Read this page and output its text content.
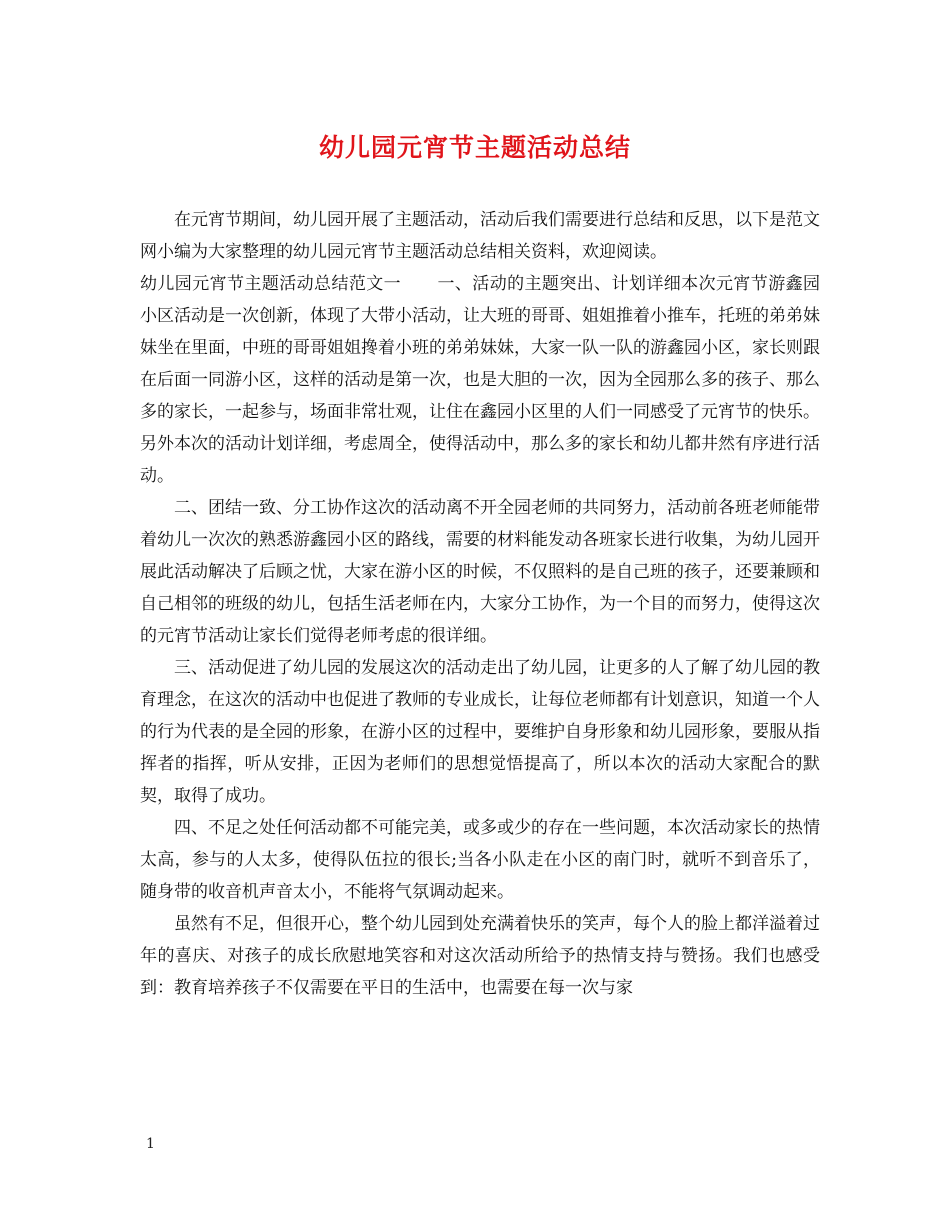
幼儿园元宵节主题活动总结

在元宵节期间，幼儿园开展了主题活动，活动后我们需要进行总结和反思，以下是范文网小编为大家整理的幼儿园元宵节主题活动总结相关资料，欢迎阅读。

幼儿园元宵节主题活动总结范文一 一、活动的主题突出、计划详细本次元宵节游鑫园小区活动是一次创新，体现了大带小活动，让大班的哥哥、姐姐推着小推车，托班的弟弟妹妹坐在里面，中班的哥哥姐姐搀着小班的弟弟妹妹，大家一队一队的游鑫园小区，家长则跟在后面一同游小区，这样的活动是第一次，也是大胆的一次，因为全园那么多的孩子、那么多的家长，一起参与，场面非常壮观，让住在鑫园小区里的人们一同感受了元宵节的快乐。另外本次的活动计划详细，考虑周全，使得活动中，那么多的家长和幼儿都井然有序进行活动。

二、团结一致、分工协作这次的活动离不开全园老师的共同努力，活动前各班老师能带着幼儿一次次的熟悉游鑫园小区的路线，需要的材料能发动各班家长进行收集，为幼儿园开展此活动解决了后顾之忧，大家在游小区的时候，不仅照料的是自己班的孩子，还要兼顾和自己相邻的班级的幼儿，包括生活老师在内，大家分工协作，为一个目的而努力，使得这次的元宵节活动让家长们觉得老师考虑的很详细。

三、活动促进了幼儿园的发展这次的活动走出了幼儿园，让更多的人了解了幼儿园的教育理念，在这次的活动中也促进了教师的专业成长，让每位老师都有计划意识，知道一个人的行为代表的是全园的形象，在游小区的过程中，要维护自身形象和幼儿园形象，要服从指挥者的指挥，听从安排，正因为老师们的思想觉悟提高了，所以本次的活动大家配合的默契，取得了成功。

四、不足之处任何活动都不可能完美，或多或少的存在一些问题，本次活动家长的热情太高，参与的人太多，使得队伍拉的很长;当各小队走在小区的南门时，就听不到音乐了，随身带的收音机声音太小，不能将气氛调动起来。

虽然有不足，但很开心，整个幼儿园到处充满着快乐的笑声，每个人的脸上都洋溢着过年的喜庆、对孩子的成长欣慰地笑容和对这次活动所给予的热情支持与赞扬。我们也感受到：教育培养孩子不仅需要在平日的生活中，也需要在每一次与家

1
